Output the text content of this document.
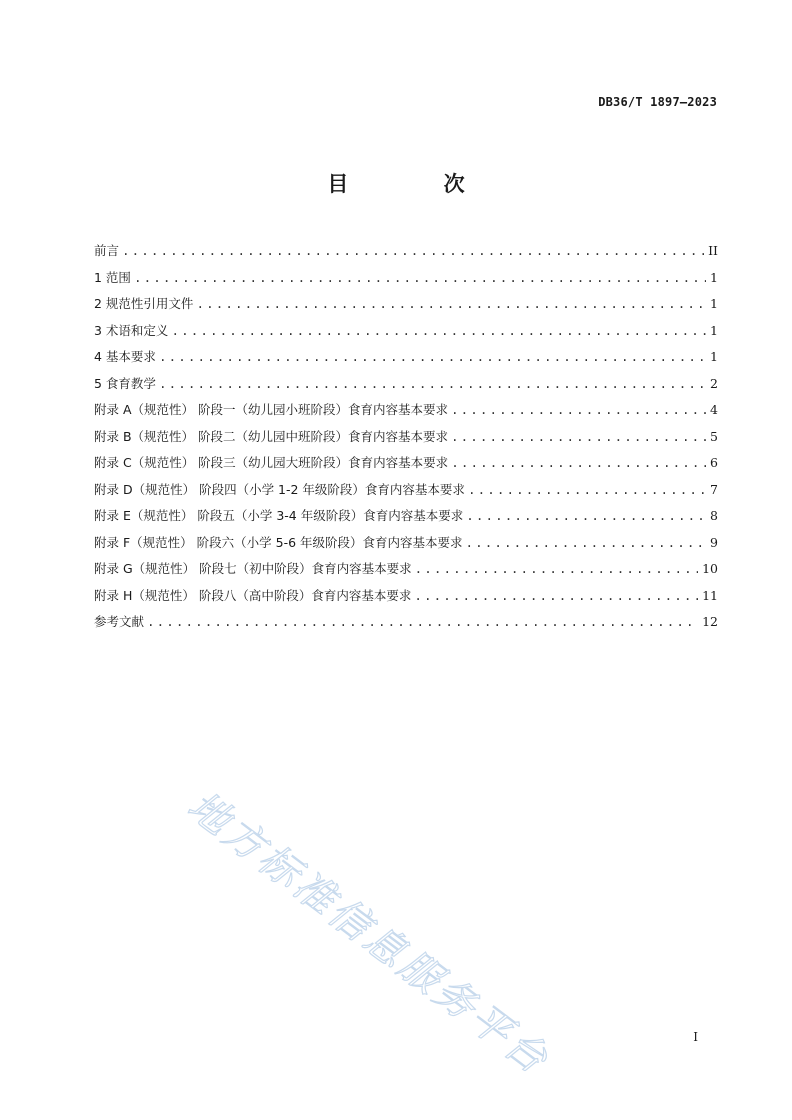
DB36/T 1897—2023
目 次
前言 .....	II
1 范围 .....	1
2 规范性引用文件 .....	1
3 术语和定义 .....	1
4 基本要求 .....	1
5 食育教学 .....	2
附录 A（规范性） 阶段一（幼儿园小班阶段）食育内容基本要求 .....	4
附录 B（规范性） 阶段二（幼儿园中班阶段）食育内容基本要求 .....	5
附录 C（规范性） 阶段三（幼儿园大班阶段）食育内容基本要求 .....	6
附录 D（规范性） 阶段四（小学 1-2 年级阶段）食育内容基本要求 .....	7
附录 E（规范性） 阶段五（小学 3-4 年级阶段）食育内容基本要求 .....	8
附录 F（规范性） 阶段六（小学 5-6 年级阶段）食育内容基本要求 .....	9
附录 G（规范性） 阶段七（初中阶段）食育内容基本要求 .....	10
附录 H（规范性） 阶段八（高中阶段）食育内容基本要求 .....	11
参考文献 .....	12
地方标准信息服务平台	I
